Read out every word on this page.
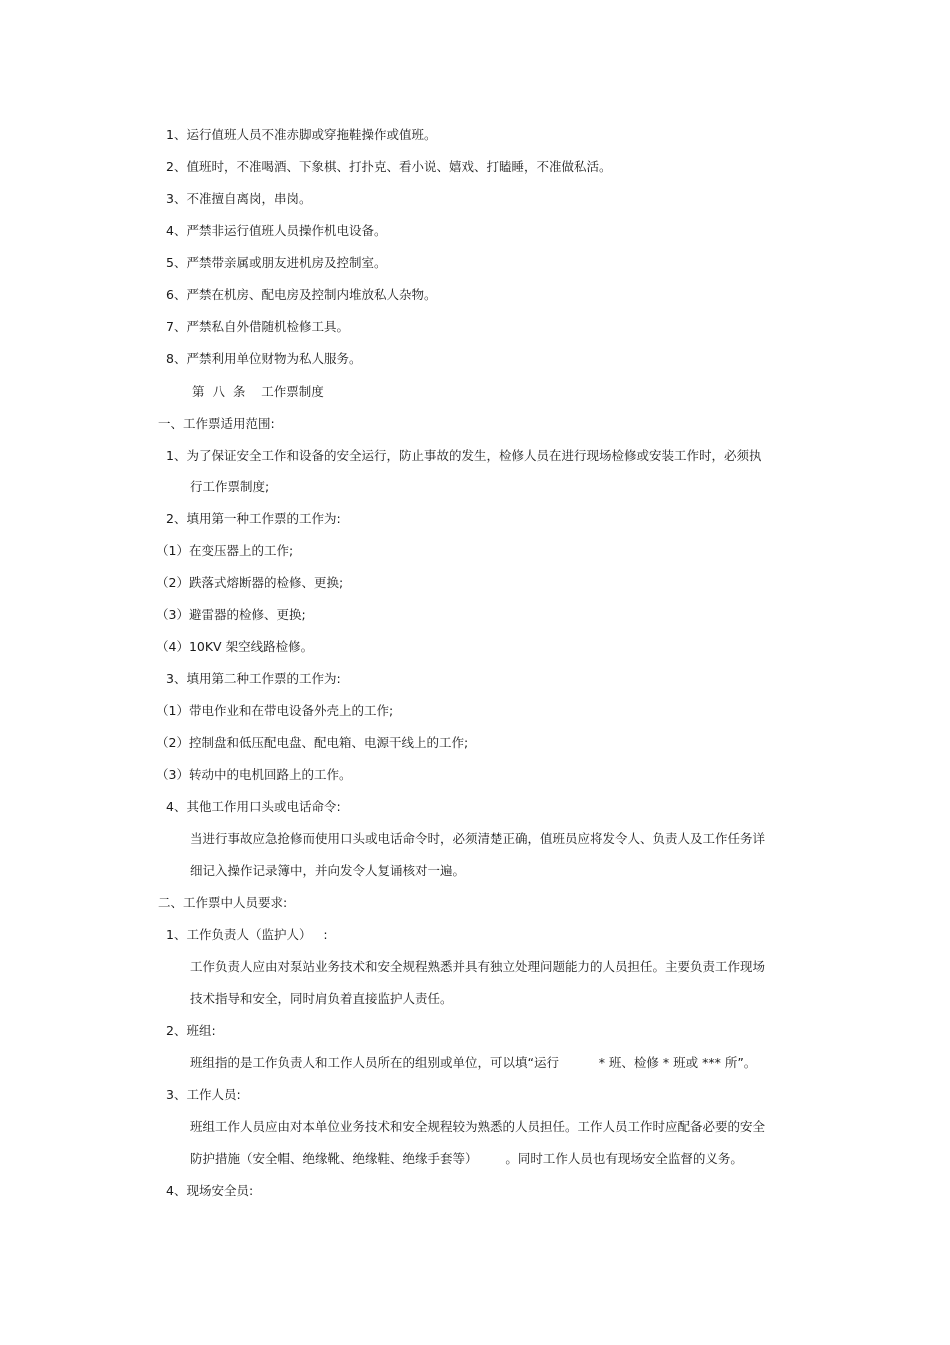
1、运行值班人员不准赤脚或穿拖鞋操作或值班。
2、值班时，不准喝酒、下象棋、打扑克、看小说、嬉戏、打瞌睡，不准做私活。
3、不准擅自离岗，串岗。
4、严禁非运行值班人员操作机电设备。
5、严禁带亲属或朋友进机房及控制室。
6、严禁在机房、配电房及控制内堆放私人杂物。
7、严禁私自外借随机检修工具。
8、严禁利用单位财物为私人服务。
第  八  条    工作票制度
一、工作票适用范围:
1、为了保证安全工作和设备的安全运行，防止事故的发生，检修人员在进行现场检修或安装工作时，必须执
行工作票制度;
2、填用第一种工作票的工作为:
（1）在变压器上的工作;
（2）跌落式熔断器的检修、更换;
（3）避雷器的检修、更换;
（4）10KV 架空线路检修。
3、填用第二种工作票的工作为:
（1）带电作业和在带电设备外壳上的工作;
（2）控制盘和低压配电盘、配电箱、电源干线上的工作;
（3）转动中的电机回路上的工作。
4、其他工作用口头或电话命令:
当进行事故应急抢修而使用口头或电话命令时，必须清楚正确，值班员应将发令人、负责人及工作任务详
细记入操作记录簿中，并向发令人复诵核对一遍。
二、工作票中人员要求:
1、工作负责人（监护人）   :
工作负责人应由对泵站业务技术和安全规程熟悉并具有独立处理问题能力的人员担任。主要负责工作现场
技术指导和安全，同时肩负着直接监护人责任。
2、班组:
班组指的是工作负责人和工作人员所在的组别或单位，可以填“运行          * 班、检修 * 班或 *** 所”。
3、工作人员:
班组工作人员应由对本单位业务技术和安全规程较为熟悉的人员担任。工作人员工作时应配备必要的安全
防护措施（安全帽、绝缘靴、绝缘鞋、绝缘手套等）       。同时工作人员也有现场安全监督的义务。
4、现场安全员:
